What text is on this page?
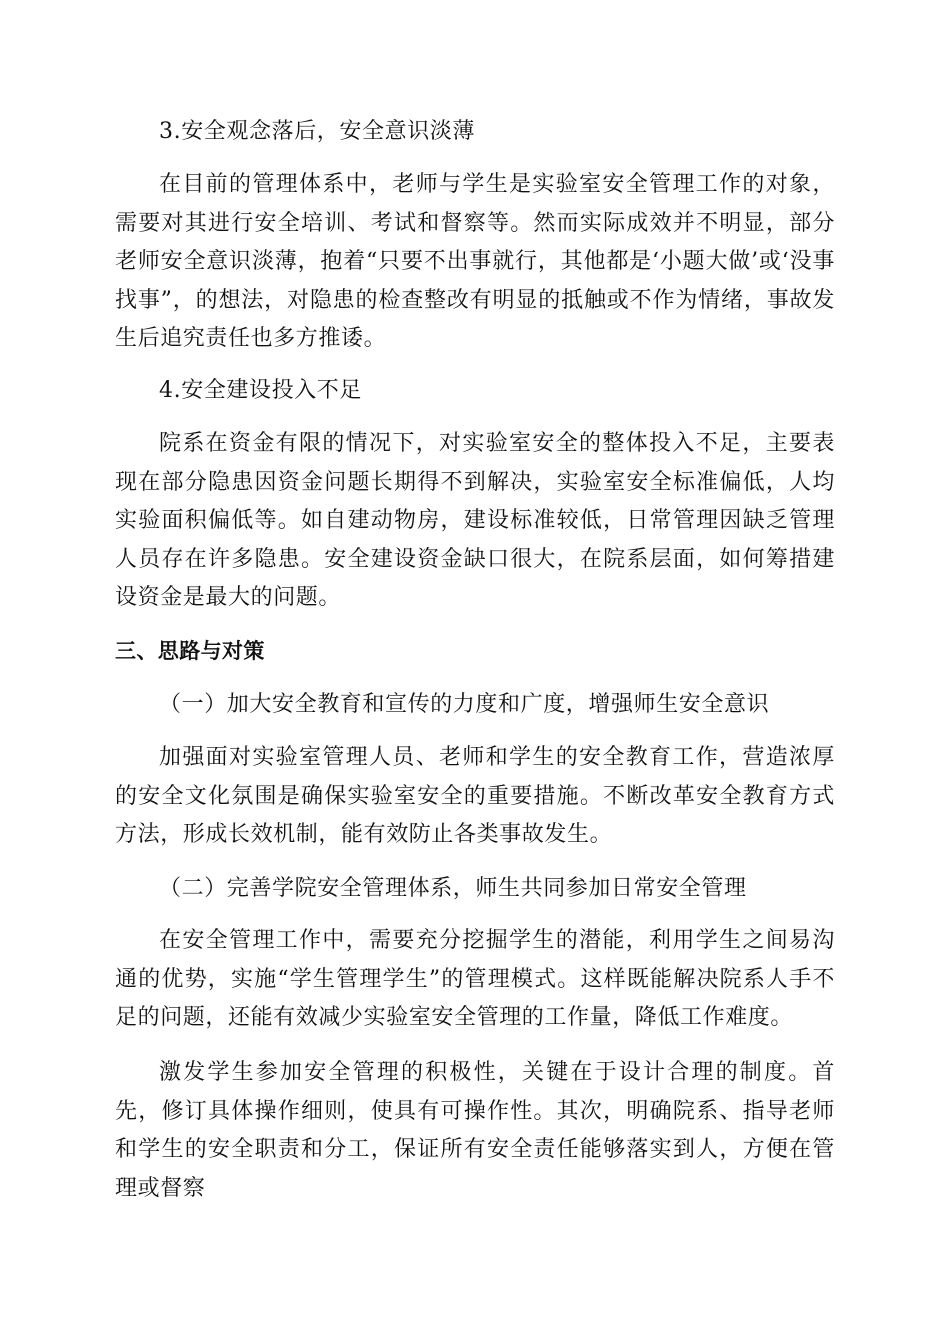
3.安全观念落后，安全意识淡薄

在目前的管理体系中，老师与学生是实验室安全管理工作的对象，需要对其进行安全培训、考试和督察等。然而实际成效并不明显，部分老师安全意识淡薄，抱着“只要不出事就行，其他都是‘小题大做’或‘没事找事”，的想法，对隐患的检查整改有明显的抵触或不作为情绪，事故发生后追究责任也多方推诿。

4.安全建设投入不足

院系在资金有限的情况下，对实验室安全的整体投入不足，主要表现在部分隐患因资金问题长期得不到解决，实验室安全标准偏低，人均实验面积偏低等。如自建动物房，建设标准较低，日常管理因缺乏管理人员存在许多隐患。安全建设资金缺口很大，在院系层面，如何筹措建设资金是最大的问题。

三、思路与对策

（一）加大安全教育和宣传的力度和广度，增强师生安全意识

加强面对实验室管理人员、老师和学生的安全教育工作，营造浓厚的安全文化氛围是确保实验室安全的重要措施。不断改革安全教育方式方法，形成长效机制，能有效防止各类事故发生。

（二）完善学院安全管理体系，师生共同参加日常安全管理

在安全管理工作中，需要充分挖掘学生的潜能，利用学生之间易沟通的优势，实施“学生管理学生”的管理模式。这样既能解决院系人手不足的问题，还能有效减少实验室安全管理的工作量，降低工作难度。

激发学生参加安全管理的积极性，关键在于设计合理的制度。首先，修订具体操作细则，使具有可操作性。其次，明确院系、指导老师和学生的安全职责和分工，保证所有安全责任能够落实到人，方便在管理或督察
